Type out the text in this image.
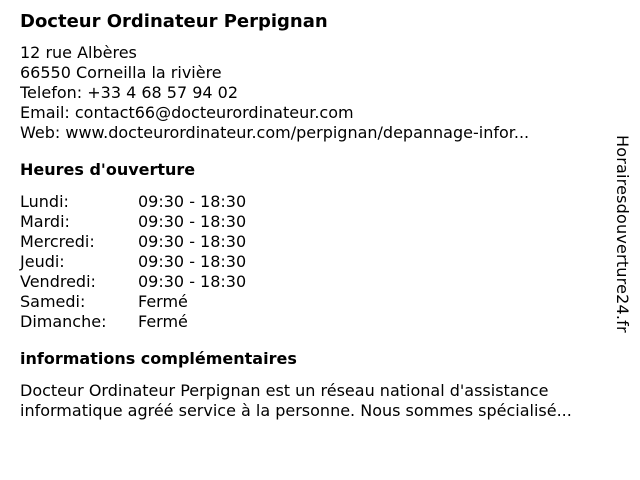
Docteur Ordinateur Perpignan
12 rue Albères
66550 Corneilla la rivière
Telefon: +33 4 68 57 94 02
Email: contact66@docteurordinateur.com
Web: www.docteurordinateur.com/perpignan/depannage-infor...
Heures d'ouverture
Lundi:	09:30 - 18:30
Mardi:	09:30 - 18:30
Mercredi:	09:30 - 18:30
Jeudi:	09:30 - 18:30
Vendredi:	09:30 - 18:30
Samedi:	Fermé
Dimanche:	Fermé
informations complémentaires
Docteur Ordinateur Perpignan est un réseau national d'assistance
informatique agréé service à la personne. Nous sommes spécialisé...
Horairesdouverture24.fr
